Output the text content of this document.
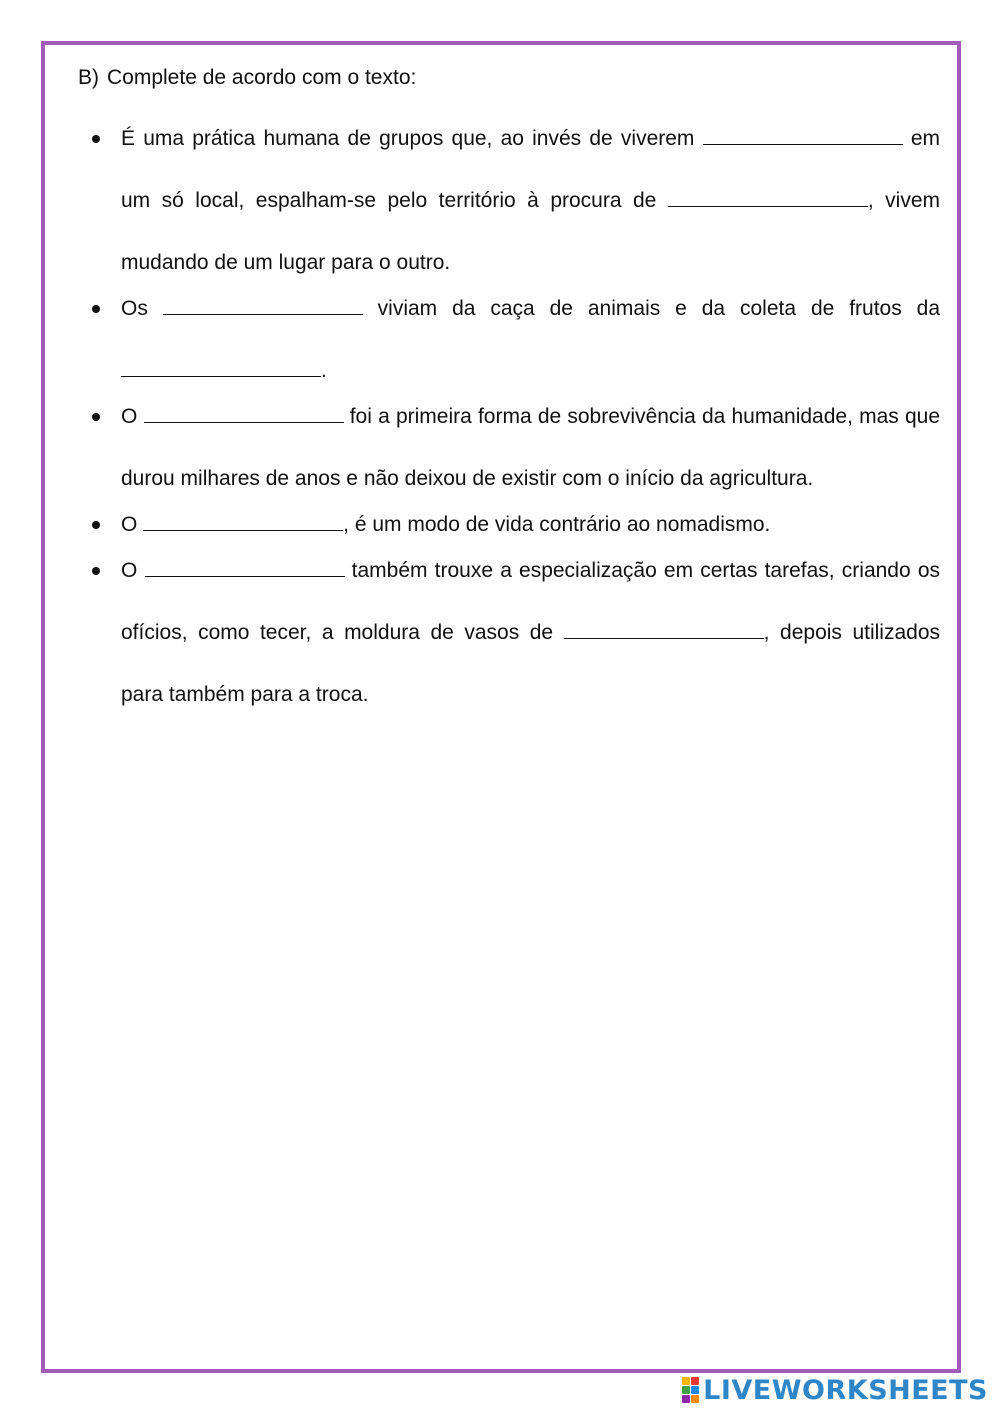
B) Complete de acordo com o texto:
É uma prática humana de grupos que, ao invés de viverem	em um só local, espalham-se pelo território à procura de	, vivem mudando de um lugar para o outro.
Os	viviam da caça de animais e da coleta de frutos da .
O	foi a primeira forma de sobrevivência da humanidade, mas que durou milhares de anos e não deixou de existir com o início da agricultura.
O	, é um modo de vida contrário ao nomadismo.
O	também trouxe a especialização em certas tarefas, criando os ofícios, como tecer, a moldura de vasos de	, depois utilizados para também para a troca.
LIVEWORKSHEETS
